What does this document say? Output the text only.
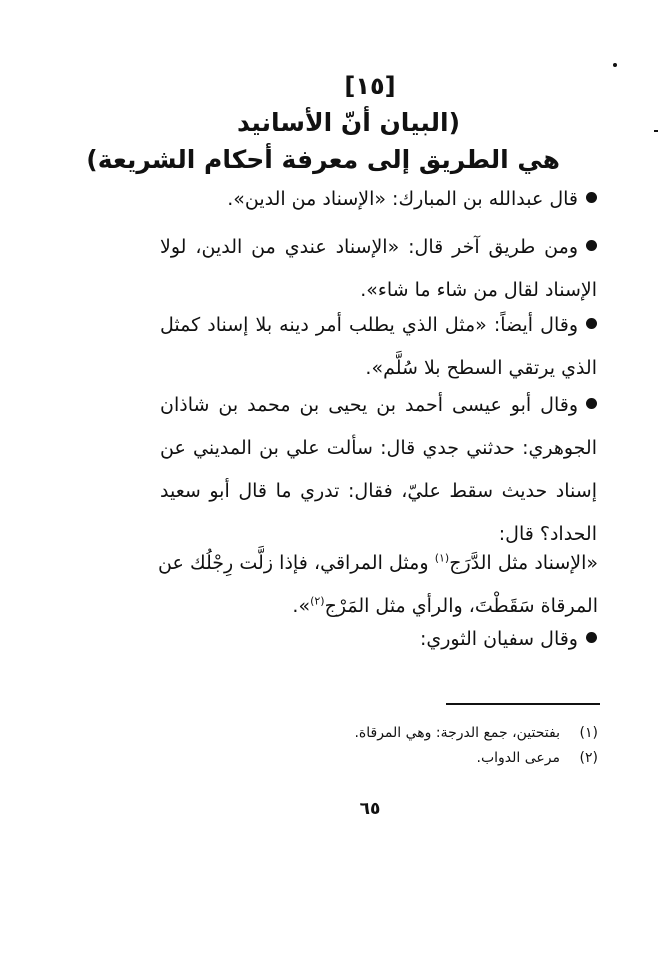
[١٥]
(البيان أنّ الأسانيد
هي الطريق إلى معرفة أحكام الشريعة)
قال عبدالله بن المبارك: «الإسناد من الدين».
ومن طريق آخر قال: «الإسناد عندي من الدين، لولا الإسناد لقال من شاء ما شاء».
وقال أيضاً: «مثل الذي يطلب أمر دينه بلا إسناد كمثل الذي يرتقي السطح بلا سُلَّم».
وقال أبو عيسى أحمد بن يحيى بن محمد بن شاذان الجوهري: حدثني جدي قال: سألت علي بن المديني عن إسناد حديث سقط عليّ، فقال: تدري ما قال أبو سعيد الحداد؟ قال:
«الإسناد مثل الدَّرَج$^{(١)}$ ومثل المراقي، فإذا زلَّت رِجْلُك عن المرقاة سَقَطْتَ، والرأي مثل المَرْج$^{(٢)}$».
وقال سفيان الثوري:
(١)بفتحتين، جمع الدرجة: وهي المرقاة.
(٢)مرعى الدواب.
٦٥
